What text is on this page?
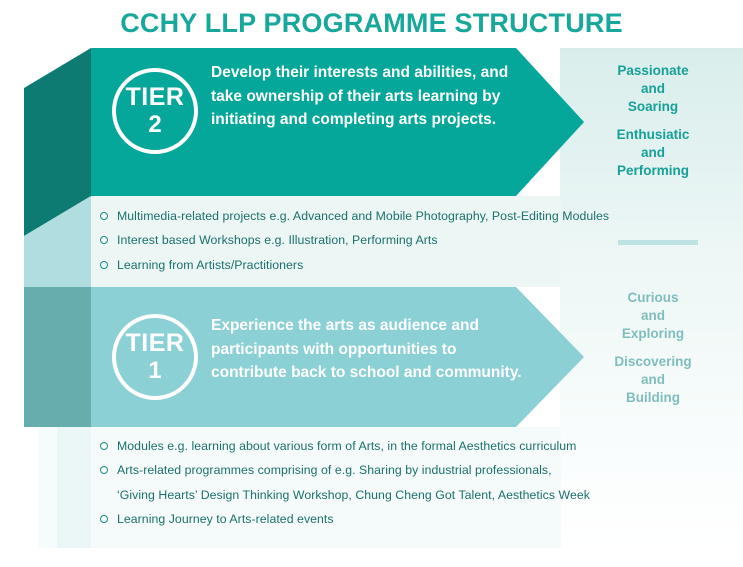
CCHY LLP PROGRAMME STRUCTURE
TIER
2
Develop their interests and abilities, and take ownership of their arts learning by initiating and completing arts projects.
Passionate
and
Soaring
Enthusiatic
and
Performing
Multimedia-related projects e.g. Advanced and Mobile Photography, Post-Editing Modules
Interest based Workshops e.g. Illustration, Performing Arts
Learning from Artists/Practitioners
TIER
1
Experience the arts as audience and participants with opportunities to contribute back to school and community.
Curious
and
Exploring
Discovering
and
Building
Modules e.g. learning about various form of Arts, in the formal Aesthetics curriculum
Arts-related programmes comprising of e.g. Sharing by industrial professionals,
‘Giving Hearts’ Design Thinking Workshop, Chung Cheng Got Talent, Aesthetics Week
Learning Journey to Arts-related events
